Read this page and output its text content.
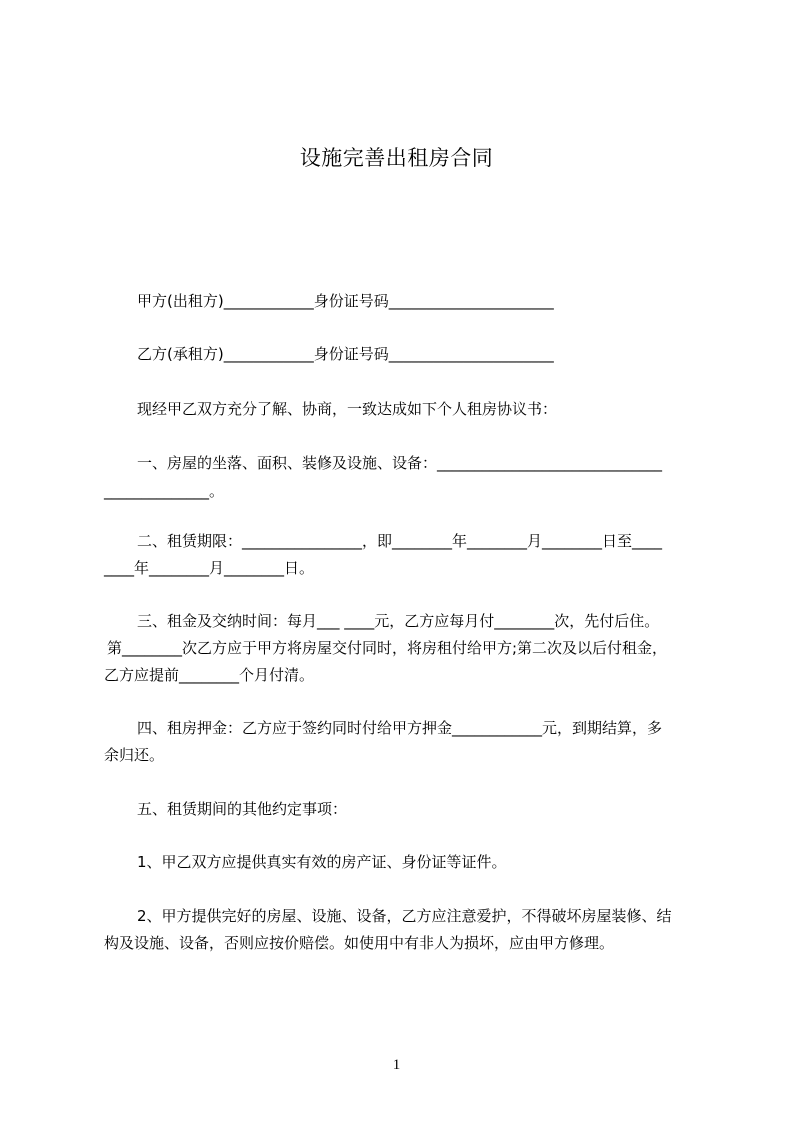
设施完善出租房合同

甲方(出租方)____________身份证号码______________________

乙方(承租方)____________身份证号码______________________

现经甲乙双方充分了解、协商，一致达成如下个人租房协议书：

一、房屋的坐落、面积、装修及设施、设备：______________________________

______________。

二、租赁期限：________________，即________年________月________日至____

____年________月________日。

三、租金及交纳时间：每月___ ____元，乙方应每月付________次，先付后住。

第________次乙方应于甲方将房屋交付同时，将房租付给甲方;第二次及以后付租金，

乙方应提前________个月付清。

四、租房押金：乙方应于签约同时付给甲方押金____________元，到期结算，多

余归还。

五、租赁期间的其他约定事项：

1、甲乙双方应提供真实有效的房产证、身份证等证件。

2、甲方提供完好的房屋、设施、设备，乙方应注意爱护，不得破坏房屋装修、结

构及设施、设备，否则应按价赔偿。如使用中有非人为损坏，应由甲方修理。

1
